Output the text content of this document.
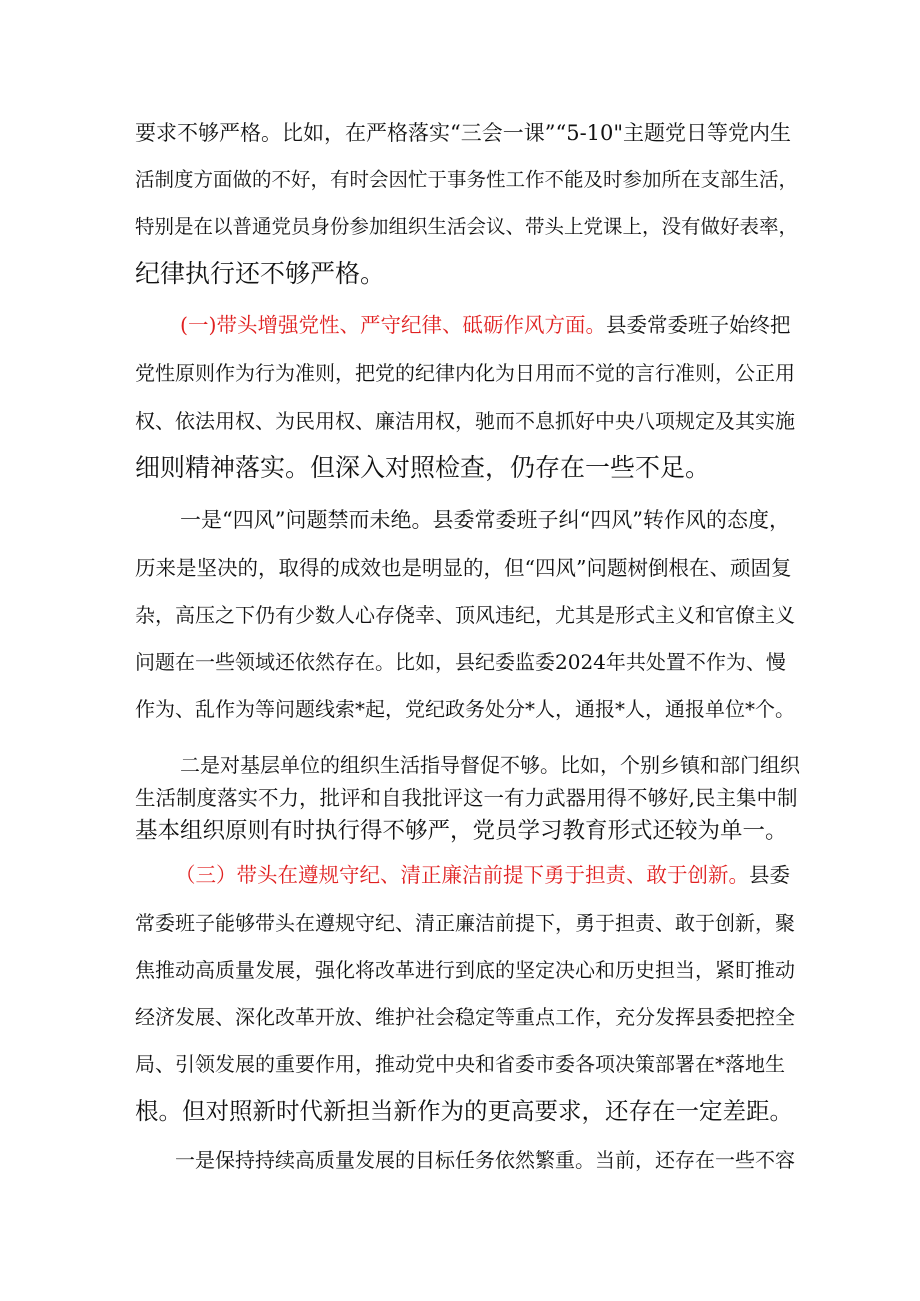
要求不够严格。比如，在严格落实“三会一课”“5-10"主题党日等党内生
活制度方面做的不好，有时会因忙于事务性工作不能及时参加所在支部生活，
特别是在以普通党员身份参加组织生活会议、带头上党课上，没有做好表率，
纪律执行还不够严格。
(一)带头增强党性、严守纪律、砥砺作风方面。县委常委班子始终把
党性原则作为行为准则，把党的纪律内化为日用而不觉的言行准则，公正用
权、依法用权、为民用权、廉洁用权，驰而不息抓好中央八项规定及其实施
细则精神落实。但深入对照检查，仍存在一些不足。
一是“四风”问题禁而未绝。县委常委班子纠“四风”转作风的态度，
历来是坚决的，取得的成效也是明显的，但“四风”问题树倒根在、顽固复
杂，高压之下仍有少数人心存侥幸、顶风违纪，尤其是形式主义和官僚主义
问题在一些领域还依然存在。比如，县纪委监委2024年共处置不作为、慢
作为、乱作为等问题线索*起，党纪政务处分*人，通报*人，通报单位*个。
二是对基层单位的组织生活指导督促不够。比如，个别乡镇和部门组织
生活制度落实不力，批评和自我批评这一有力武器用得不够好,民主集中制
基本组织原则有时执行得不够严，党员学习教育形式还较为单一。
（三）带头在遵规守纪、清正廉洁前提下勇于担责、敢于创新。县委
常委班子能够带头在遵规守纪、清正廉洁前提下，勇于担责、敢于创新，聚
焦推动高质量发展，强化将改革进行到底的坚定决心和历史担当，紧盯推动
经济发展、深化改革开放、维护社会稳定等重点工作，充分发挥县委把控全
局、引领发展的重要作用，推动党中央和省委市委各项决策部署在*落地生
根。但对照新时代新担当新作为的更高要求，还存在一定差距。
一是保持持续高质量发展的目标任务依然繁重。当前，还存在一些不容
